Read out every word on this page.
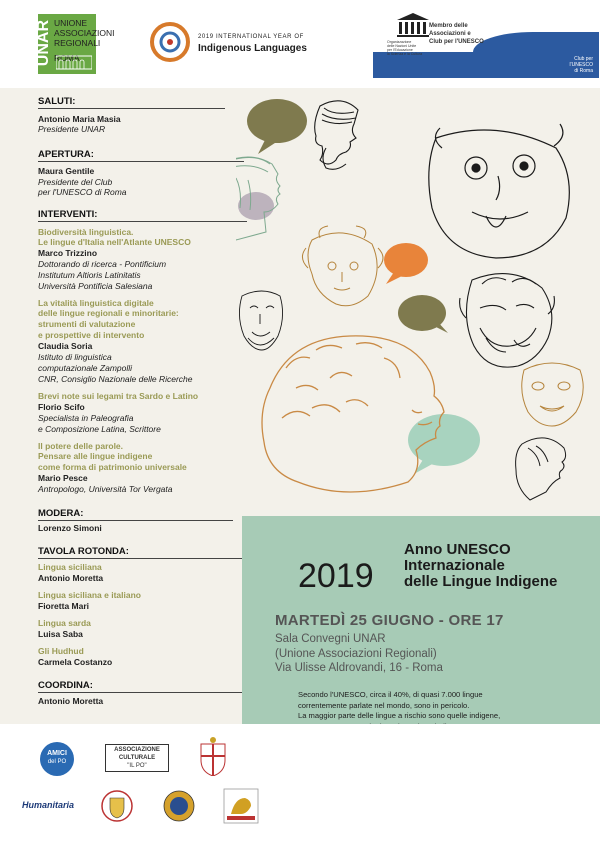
UNAR UNIONE
ASSOCIAZIONI
REGIONALI
ROMA
2019 INTERNATIONAL YEAR OF
Indigenous Languages
Organizzazione
delle Nazioni Unite
per l'Educazione
la Scienza e la Cultura
Membro delle
Associazioni e
Club per l'UNESCO
Club per
l'UNESCO
di Roma
SALUTI:
Antonio Maria Masia
Presidente UNAR
APERTURA:
Maura Gentile
Presidente del Club
per l'UNESCO di Roma
INTERVENTI:
Biodiversità linguistica.
Le lingue d'Italia nell'Atlante UNESCO
Marco Trizzino
Dottorando di ricerca - Pontificium
Institutum Altioris Latinitatis
Università Pontificia Salesiana
La vitalità linguistica digitale
delle lingue regionali e minoritarie:
strumenti di valutazione
e prospettive di intervento
Claudia Soria
Istituto di linguistica
computazionale Zampolli
CNR, Consiglio Nazionale delle Ricerche
Brevi note sui legami tra Sardo e Latino
Florio Scifo
Specialista in Paleografia
e Composizione Latina, Scrittore
Il potere delle parole.
Pensare alle lingue indigene
come forma di patrimonio universale
Mario Pesce
Antropologo, Università Tor Vergata
MODERA:
Lorenzo Simoni
TAVOLA ROTONDA:
Lingua siciliana
Antonio Moretta
Lingua siciliana e italiano
Fioretta Mari
Lingua sarda
Luisa Saba
Gli Hudhud
Carmela Costanzo
COORDINA:
Antonio Moretta
2019
Anno UNESCO
Internazionale
delle Lingue Indigene
MARTEDÌ 25 GIUGNO - ORE 17
Sala Convegni UNAR
(Unione Associazioni Regionali)
Via Ulisse Aldrovandi, 16 - Roma
Secondo l'UNESCO, circa il 40%, di quasi 7.000 lingue
correntemente parlate nel mondo, sono in pericolo.
La maggior parte delle lingue a rischio sono quelle indigene,
AMICI
del PO
ASSOCIAZIONE
CULTURALE
"IL PO"
Humanitaria
